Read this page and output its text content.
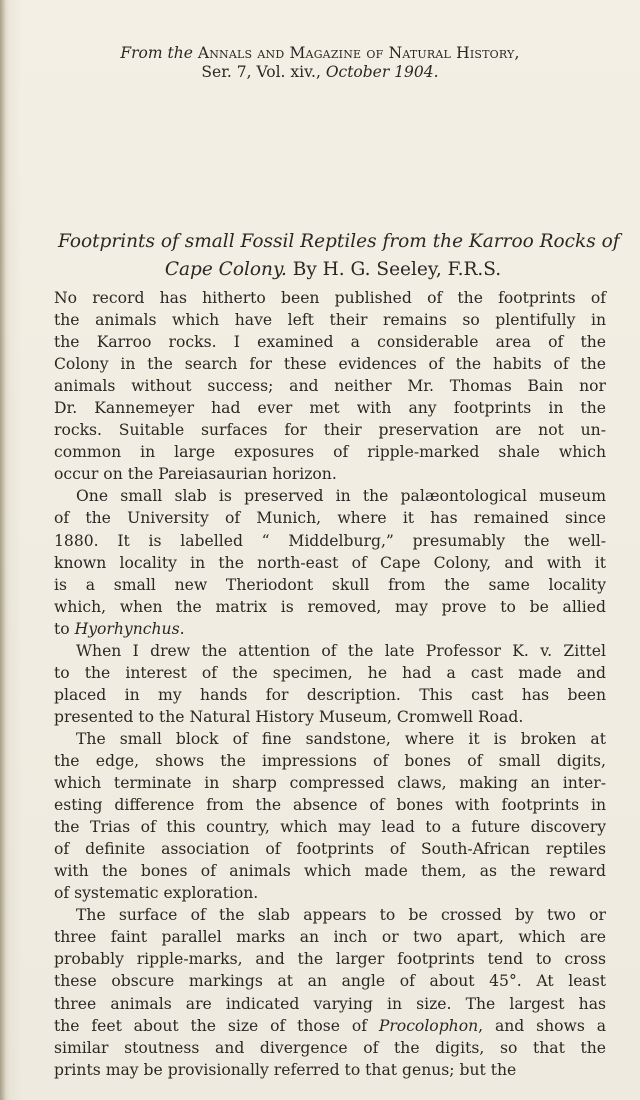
From the Annals and Magazine of Natural History,
Ser. 7, Vol. xiv., October 1904.
Footprints of small Fossil Reptiles from the Karroo Rocks of
Cape Colony. By H. G. Seeley, F.R.S.
No record has hitherto been published of the footprints of
the animals which have left their remains so plentifully in
the Karroo rocks. I examined a considerable area of the
Colony in the search for these evidences of the habits of the
animals without success; and neither Mr. Thomas Bain nor
Dr. Kannemeyer had ever met with any footprints in the
rocks. Suitable surfaces for their preservation are not un-
common in large exposures of ripple-marked shale which
occur on the Pareiasaurian horizon.
One small slab is preserved in the palæontological museum
of the University of Munich, where it has remained since
1880. It is labelled “ Middelburg,” presumably the well-
known locality in the north-east of Cape Colony, and with it
is a small new Theriodont skull from the same locality
which, when the matrix is removed, may prove to be allied
to Hyorhynchus.
When I drew the attention of the late Professor K. v. Zittel
to the interest of the specimen, he had a cast made and
placed in my hands for description. This cast has been
presented to the Natural History Museum, Cromwell Road.
The small block of fine sandstone, where it is broken at
the edge, shows the impressions of bones of small digits,
which terminate in sharp compressed claws, making an inter-
esting difference from the absence of bones with footprints in
the Trias of this country, which may lead to a future discovery
of definite association of footprints of South-African reptiles
with the bones of animals which made them, as the reward
of systematic exploration.
The surface of the slab appears to be crossed by two or
three faint parallel marks an inch or two apart, which are
probably ripple-marks, and the larger footprints tend to cross
these obscure markings at an angle of about 45°. At least
three animals are indicated varying in size. The largest has
the feet about the size of those of Procolophon, and shows a
similar stoutness and divergence of the digits, so that the
prints may be provisionally referred to that genus; but the
